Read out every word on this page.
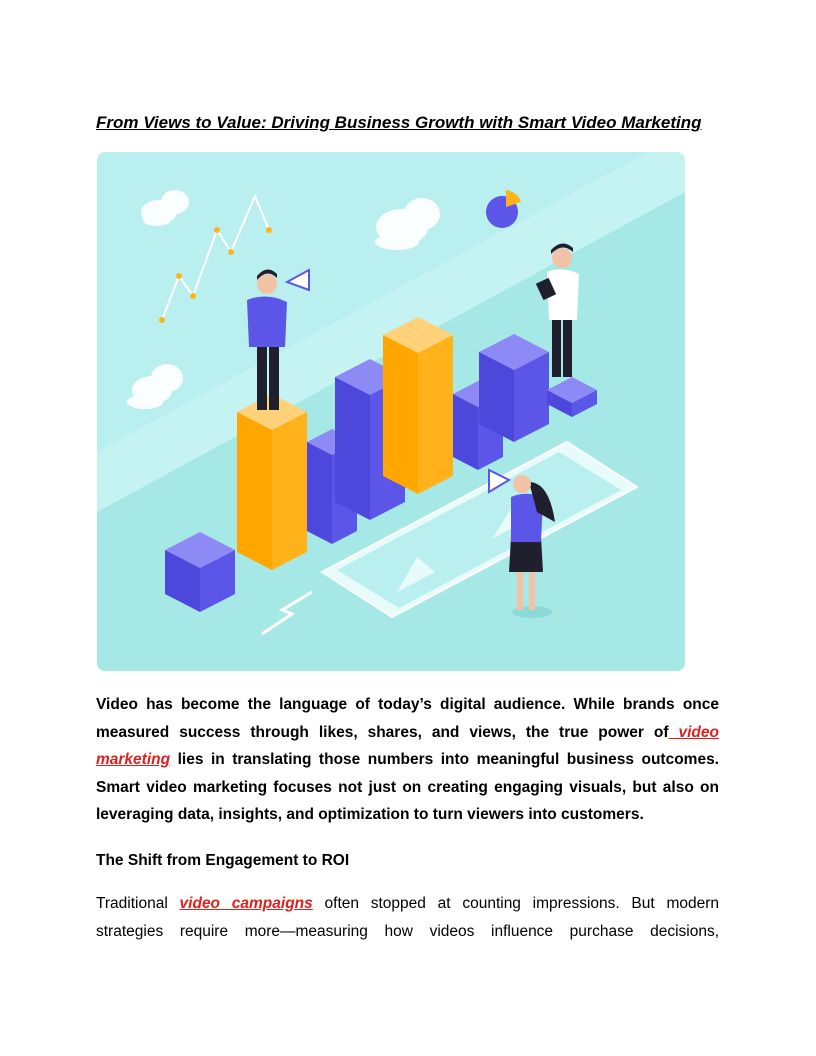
From Views to Value: Driving Business Growth with Smart Video Marketing

Video has become the language of today’s digital audience. While brands once measured success through likes, shares, and views, the true power of video marketing lies in translating those numbers into meaningful business outcomes. Smart video marketing focuses not just on creating engaging visuals, but also on leveraging data, insights, and optimization to turn viewers into customers.

The Shift from Engagement to ROI

Traditional video campaigns often stopped at counting impressions. But modern strategies require more—measuring how videos influence purchase decisions,
